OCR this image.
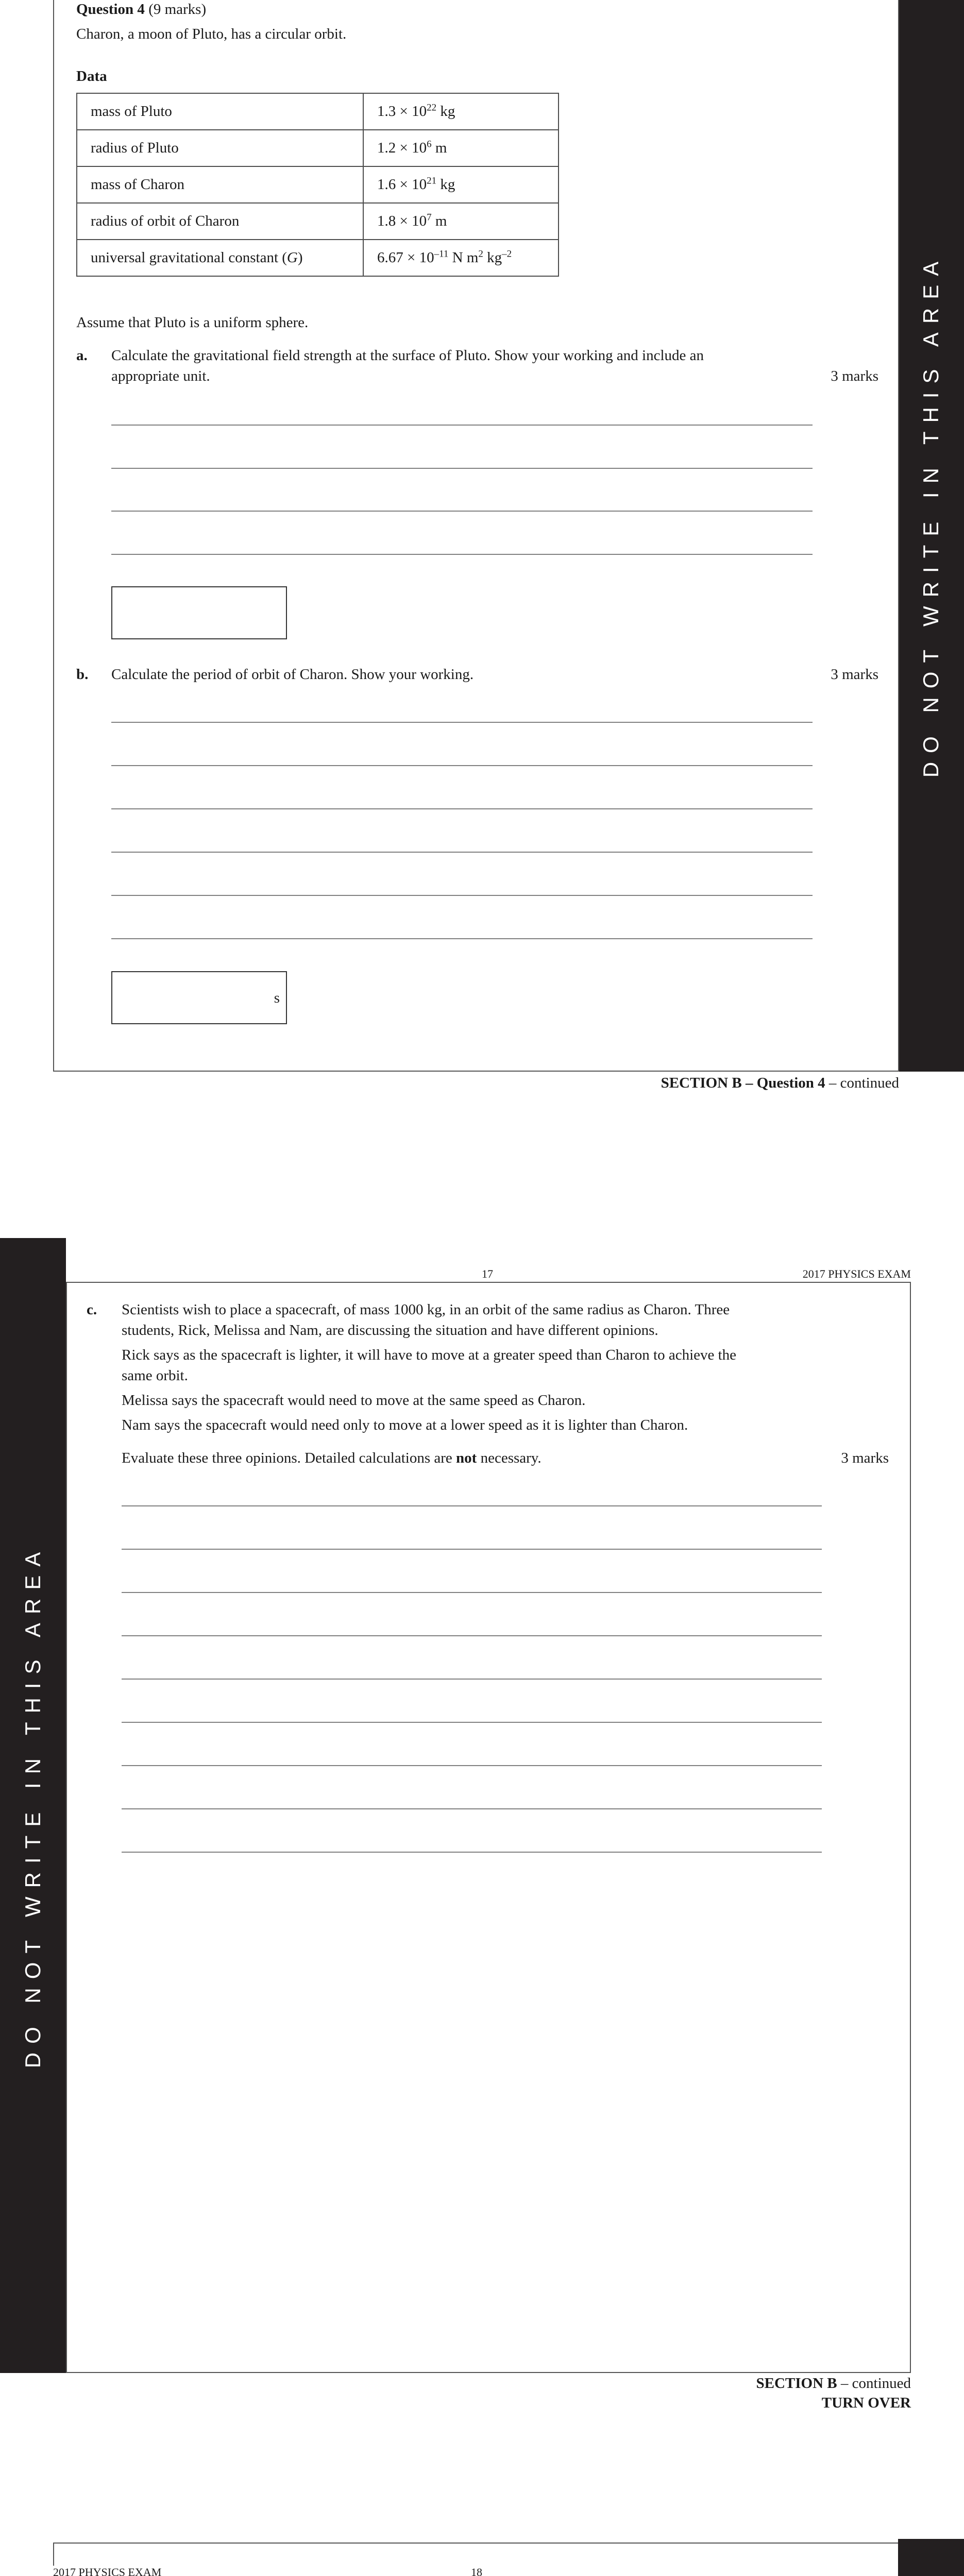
DO NOT WRITE IN THIS AREA
Question 4 (9 marks)
Charon, a moon of Pluto, has a circular orbit.
Data
mass of Pluto	$1.3 \times 10^{22}$ kg
radius of Pluto	$1.2 \times 10^6$ m
mass of Charon	$1.6 \times 10^{21}$ kg
radius of orbit of Charon	$1.8 \times 10^7$ m
universal gravitational constant (G)	$6.67 \times 10^{-11}$ N $m^2$ $kg^{-2}$
Assume that Pluto is a uniform sphere.
a. Calculate the gravitational field strength at the surface of Pluto. Show your working and include an
appropriate unit.	3 marks
b. Calculate the period of orbit of Charon. Show your working.	3 marks
s
SECTION B – Question 4 – continued
DO NOT WRITE IN THIS AREA
17	2017 PHYSICS EXAM
c. Scientists wish to place a spacecraft, of mass 1000 kg, in an orbit of the same radius as Charon. Three
students, Rick, Melissa and Nam, are discussing the situation and have different opinions.
Rick says as the spacecraft is lighter, it will have to move at a greater speed than Charon to achieve the
same orbit.
Melissa says the spacecraft would need to move at the same speed as Charon.
Nam says the spacecraft would need only to move at a lower speed as it is lighter than Charon.
Evaluate these three opinions. Detailed calculations are not necessary.	3 marks
SECTION B – continued
TURN OVER
2017 PHYSICS EXAM	18
